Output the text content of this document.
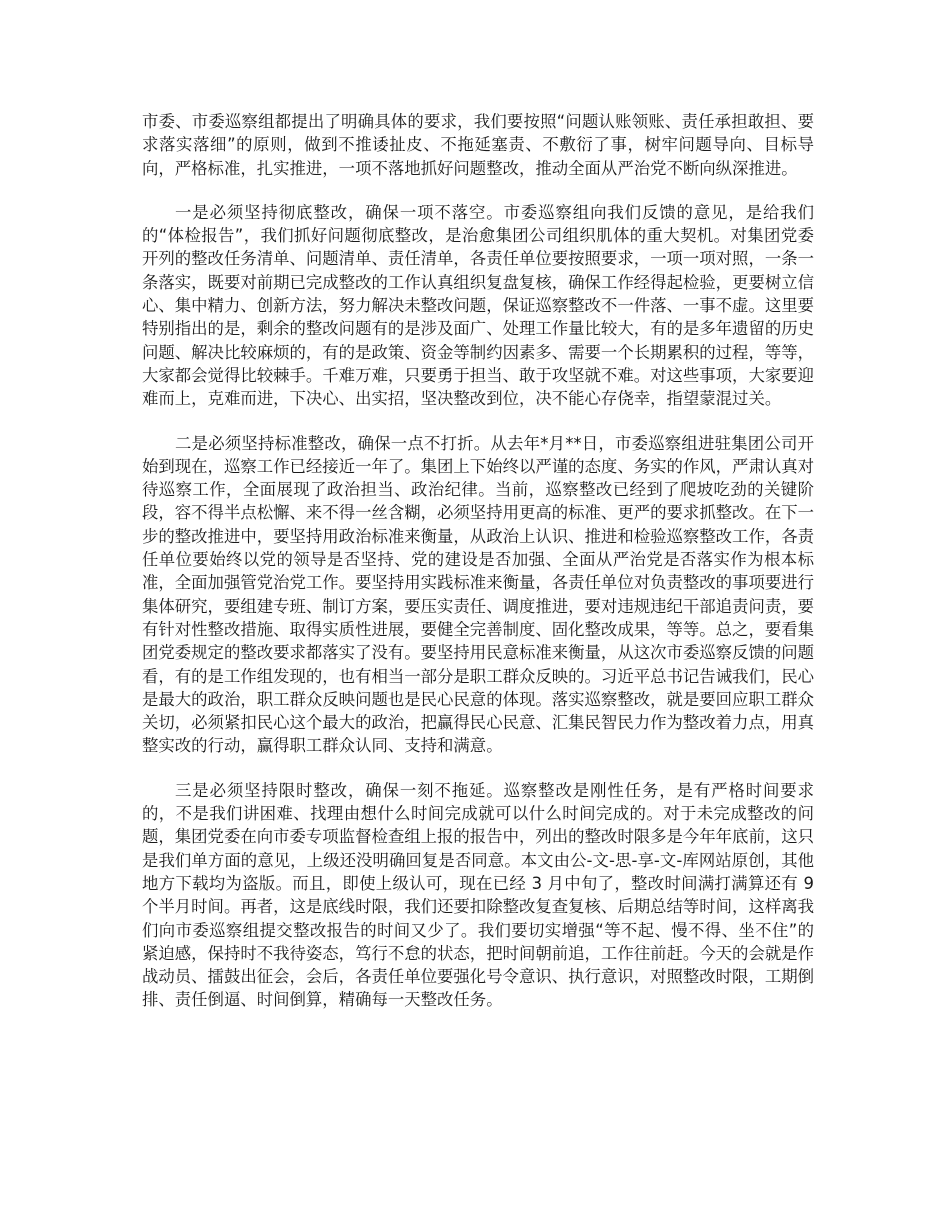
市委、市委巡察组都提出了明确具体的要求，我们要按照“问题认账领账、责任承担敢担、要求落实落细”的原则，做到不推诿扯皮、不拖延塞责、不敷衍了事，树牢问题导向、目标导向，严格标准，扎实推进，一项不落地抓好问题整改，推动全面从严治党不断向纵深推进。

一是必须坚持彻底整改，确保一项不落空。市委巡察组向我们反馈的意见，是给我们的“体检报告”，我们抓好问题彻底整改，是治愈集团公司组织肌体的重大契机。对集团党委开列的整改任务清单、问题清单、责任清单，各责任单位要按照要求，一项一项对照，一条一条落实，既要对前期已完成整改的工作认真组织复盘复核，确保工作经得起检验，更要树立信心、集中精力、创新方法，努力解决未整改问题，保证巡察整改不一件落、一事不虚。这里要特别指出的是，剩余的整改问题有的是涉及面广、处理工作量比较大，有的是多年遗留的历史问题、解决比较麻烦的，有的是政策、资金等制约因素多、需要一个长期累积的过程，等等，大家都会觉得比较棘手。千难万难，只要勇于担当、敢于攻坚就不难。对这些事项，大家要迎难而上，克难而进，下决心、出实招，坚决整改到位，决不能心存侥幸，指望蒙混过关。

二是必须坚持标准整改，确保一点不打折。从去年*月**日，市委巡察组进驻集团公司开始到现在，巡察工作已经接近一年了。集团上下始终以严谨的态度、务实的作风，严肃认真对待巡察工作，全面展现了政治担当、政治纪律。当前，巡察整改已经到了爬坡吃劲的关键阶段，容不得半点松懈、来不得一丝含糊，必须坚持用更高的标准、更严的要求抓整改。在下一步的整改推进中，要坚持用政治标准来衡量，从政治上认识、推进和检验巡察整改工作，各责任单位要始终以党的领导是否坚持、党的建设是否加强、全面从严治党是否落实作为根本标准，全面加强管党治党工作。要坚持用实践标准来衡量，各责任单位对负责整改的事项要进行集体研究，要组建专班、制订方案，要压实责任、调度推进，要对违规违纪干部追责问责，要有针对性整改措施、取得实质性进展，要健全完善制度、固化整改成果，等等。总之，要看集团党委规定的整改要求都落实了没有。要坚持用民意标准来衡量，从这次市委巡察反馈的问题看，有的是工作组发现的，也有相当一部分是职工群众反映的。习近平总书记告诫我们，民心是最大的政治，职工群众反映问题也是民心民意的体现。落实巡察整改，就是要回应职工群众关切，必须紧扣民心这个最大的政治，把赢得民心民意、汇集民智民力作为整改着力点，用真整实改的行动，赢得职工群众认同、支持和满意。

三是必须坚持限时整改，确保一刻不拖延。巡察整改是刚性任务，是有严格时间要求的，不是我们讲困难、找理由想什么时间完成就可以什么时间完成的。对于未完成整改的问题，集团党委在向市委专项监督检查组上报的报告中，列出的整改时限多是今年年底前，这只是我们单方面的意见，上级还没明确回复是否同意。本文由公-文-思-享-文-库网站原创，其他地方下载均为盗版。而且，即使上级认可，现在已经 3 月中旬了，整改时间满打满算还有 9 个半月时间。再者，这是底线时限，我们还要扣除整改复查复核、后期总结等时间，这样离我们向市委巡察组提交整改报告的时间又少了。我们要切实增强“等不起、慢不得、坐不住”的紧迫感，保持时不我待姿态，笃行不怠的状态，把时间朝前追，工作往前赶。今天的会就是作战动员、擂鼓出征会，会后，各责任单位要强化号令意识、执行意识，对照整改时限，工期倒排、责任倒逼、时间倒算，精确每一天整改任务。
